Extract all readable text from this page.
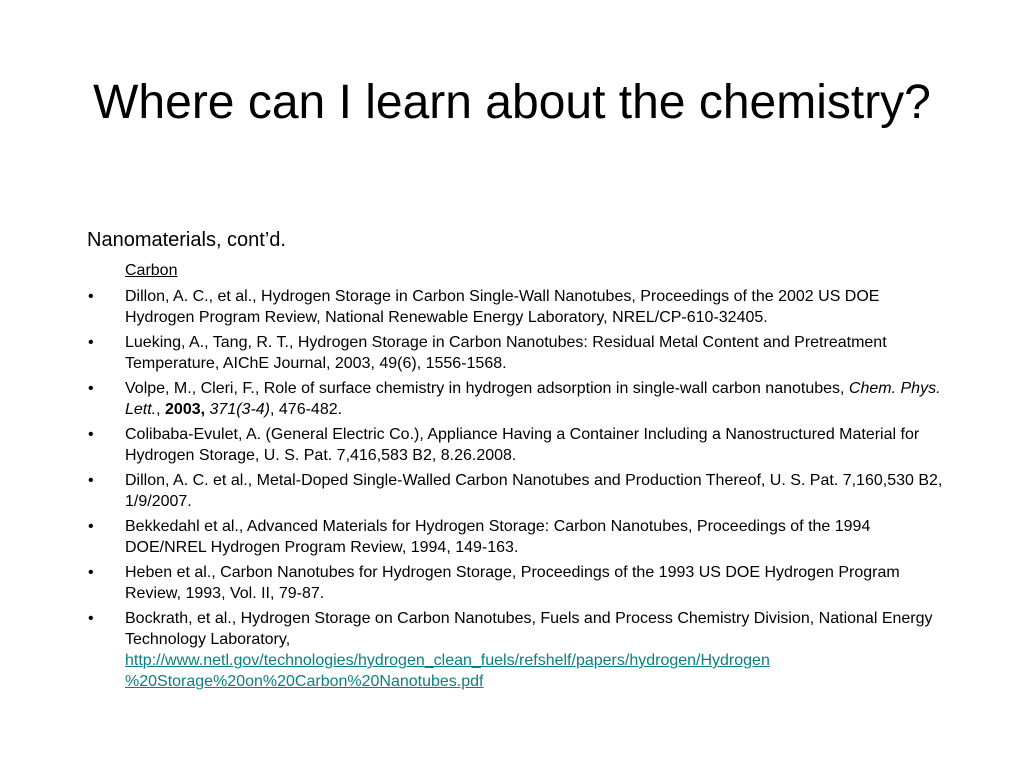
Where can I learn about the chemistry?

Nanomaterials, cont’d.

Carbon

•	Dillon, A. C., et al., Hydrogen Storage in Carbon Single-Wall Nanotubes, Proceedings of the 2002 US DOE Hydrogen Program Review, National Renewable Energy Laboratory, NREL/CP-610-32405.
•	Lueking, A., Tang, R. T., Hydrogen Storage in Carbon Nanotubes: Residual Metal Content and Pretreatment Temperature, AIChE Journal, 2003, 49(6), 1556-1568.
•	Volpe, M., Cleri, F., Role of surface chemistry in hydrogen adsorption in single-wall carbon nanotubes, Chem. Phys. Lett., 2003, 371(3-4), 476-482.
•	Colibaba-Evulet, A. (General Electric Co.), Appliance Having a Container Including a Nanostructured Material for Hydrogen Storage, U. S. Pat. 7,416,583 B2, 8.26.2008.
•	Dillon, A. C. et al., Metal-Doped Single-Walled Carbon Nanotubes and Production Thereof, U. S. Pat. 7,160,530 B2, 1/9/2007.
•	Bekkedahl et al., Advanced Materials for Hydrogen Storage: Carbon Nanotubes, Proceedings of the 1994 DOE/NREL Hydrogen Program Review, 1994, 149-163.
•	Heben et al., Carbon Nanotubes for Hydrogen Storage, Proceedings of the 1993 US DOE Hydrogen Program Review, 1993, Vol. II, 79-87.
•	Bockrath, et al., Hydrogen Storage on Carbon Nanotubes, Fuels and Process Chemistry Division, National Energy Technology Laboratory,
http://www.netl.gov/technologies/hydrogen_clean_fuels/refshelf/papers/hydrogen/Hydrogen
%20Storage%20on%20Carbon%20Nanotubes.pdf
